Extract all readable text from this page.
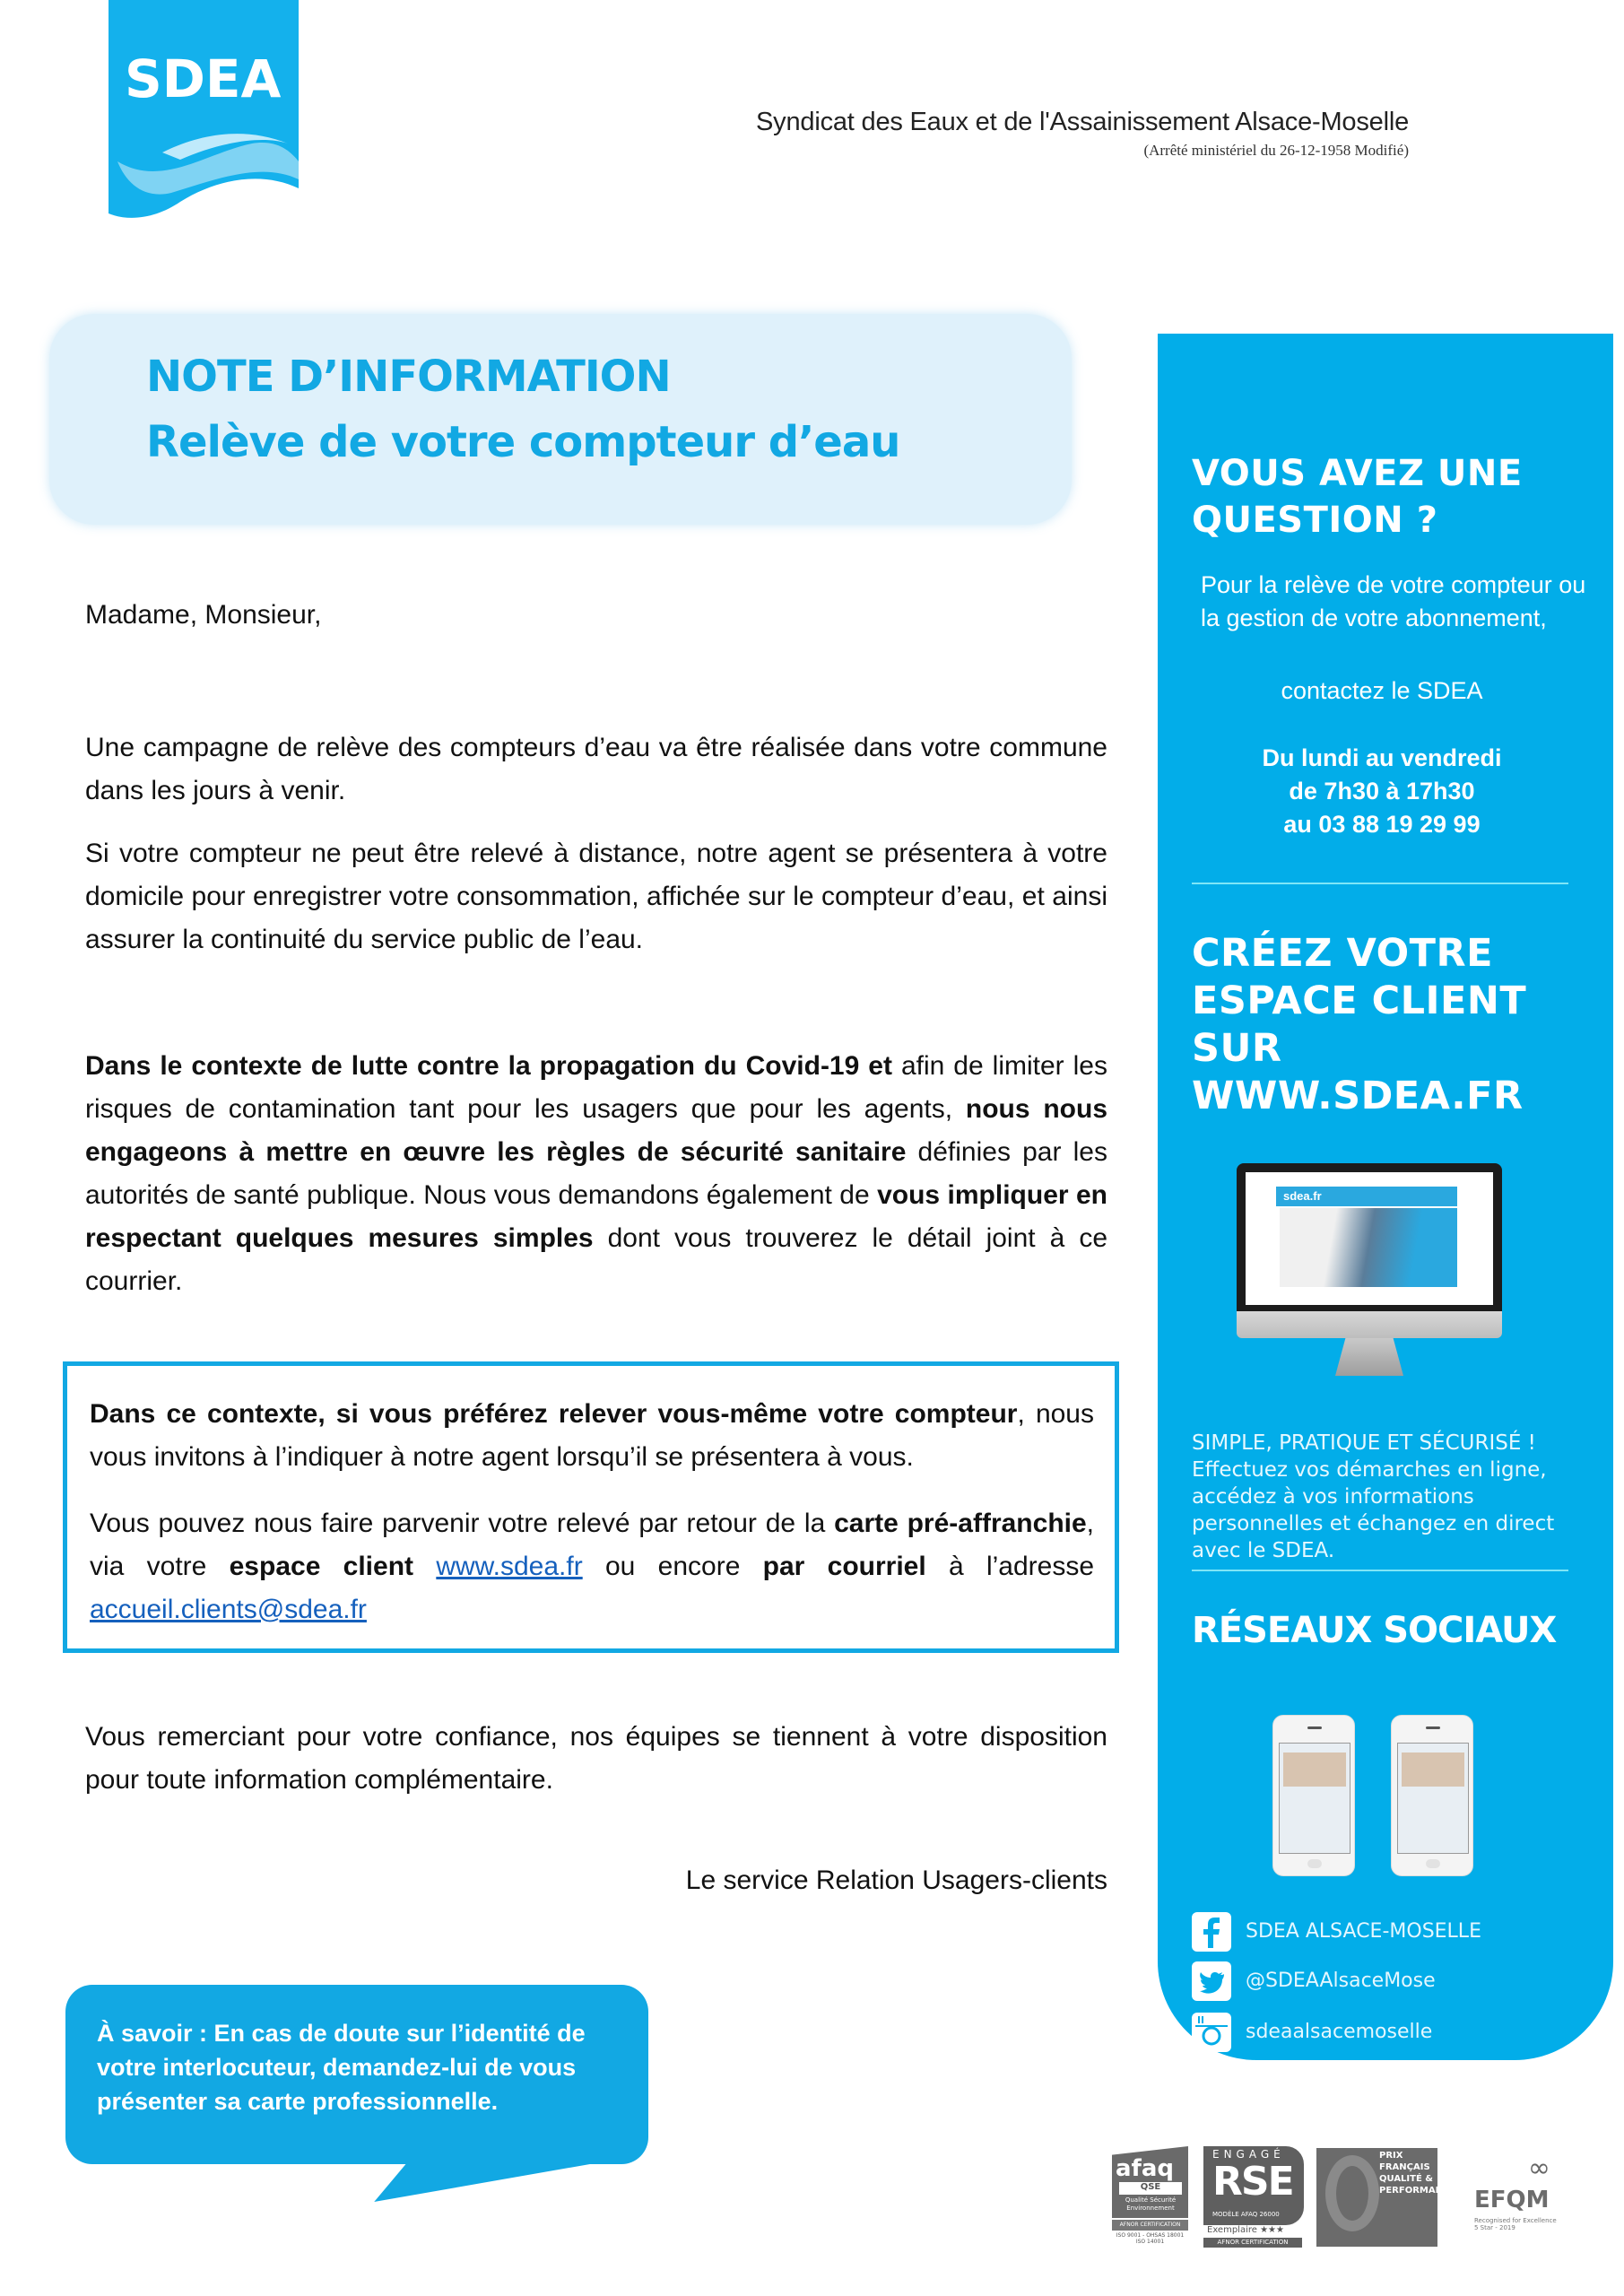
SDEA
Syndicat des Eaux et de l'Assainissement Alsace-Moselle
(Arrêté ministériel du 26-12-1958 Modifié)
NOTE D’INFORMATION
Relève de votre compteur d’eau
Madame, Monsieur,
Une campagne de relève des compteurs d’eau va être réalisée dans votre commune dans les jours à venir.
Si votre compteur ne peut être relevé à distance, notre agent se présentera à votre domicile pour enregistrer votre consommation, affichée sur le compteur d’eau, et ainsi assurer la continuité du service public de l’eau.
Dans le contexte de lutte contre la propagation du Covid-19 et afin de limiter les risques de contamination tant pour les usagers que pour les agents, nous nous engageons à mettre en œuvre les règles de sécurité sanitaire définies par les autorités de santé publique. Nous vous demandons également de vous impliquer en respectant quelques mesures simples dont vous trouverez le détail joint à ce courrier.
Dans ce contexte, si vous préférez relever vous-même votre compteur, nous vous invitons à l’indiquer à notre agent lorsqu’il se présentera à vous.
Vous pouvez nous faire parvenir votre relevé par retour de la carte pré-affranchie, via votre espace client www.sdea.fr ou encore par courriel à l’adresse accueil.clients@sdea.fr
Vous remerciant pour votre confiance, nos équipes se tiennent à votre disposition pour toute information complémentaire.
Le service Relation Usagers-clients
À savoir : En cas de doute sur l’identité de votre interlocuteur, demandez-lui de vous présenter sa carte professionnelle.
VOUS AVEZ UNE
QUESTION ?
Pour la relève de votre compteur ou la gestion de votre abonnement,
contactez le SDEA
Du lundi au vendredi
de 7h30 à 17h30
au 03 88 19 29 99
CRÉEZ VOTRE
ESPACE CLIENT
SUR
WWW.SDEA.FR
sdea.fr
SIMPLE, PRATIQUE ET SÉCURISÉ ! Effectuez vos démarches en ligne, accédez à vos informations personnelles et échangez en direct avec le SDEA.
RÉSEAUX SOCIAUX
SDEA ALSACE-MOSELLE
@SDEAAlsaceMose
sdeaalsacemoselle
afaq
QSE
Qualité Sécurité Environnement
AFNOR CERTIFICATION
ISO 9001 - OHSAS 18001 ISO 14001
ENGAGÉ
RSE
MODÈLE AFAQ 26000
Exemplaire ★★★
AFNOR CERTIFICATION
PRIX
FRANÇAIS
QUALITÉ &
PERFORMANCE
∞
EFQM
Recognised for Excellence
5 Star - 2019
